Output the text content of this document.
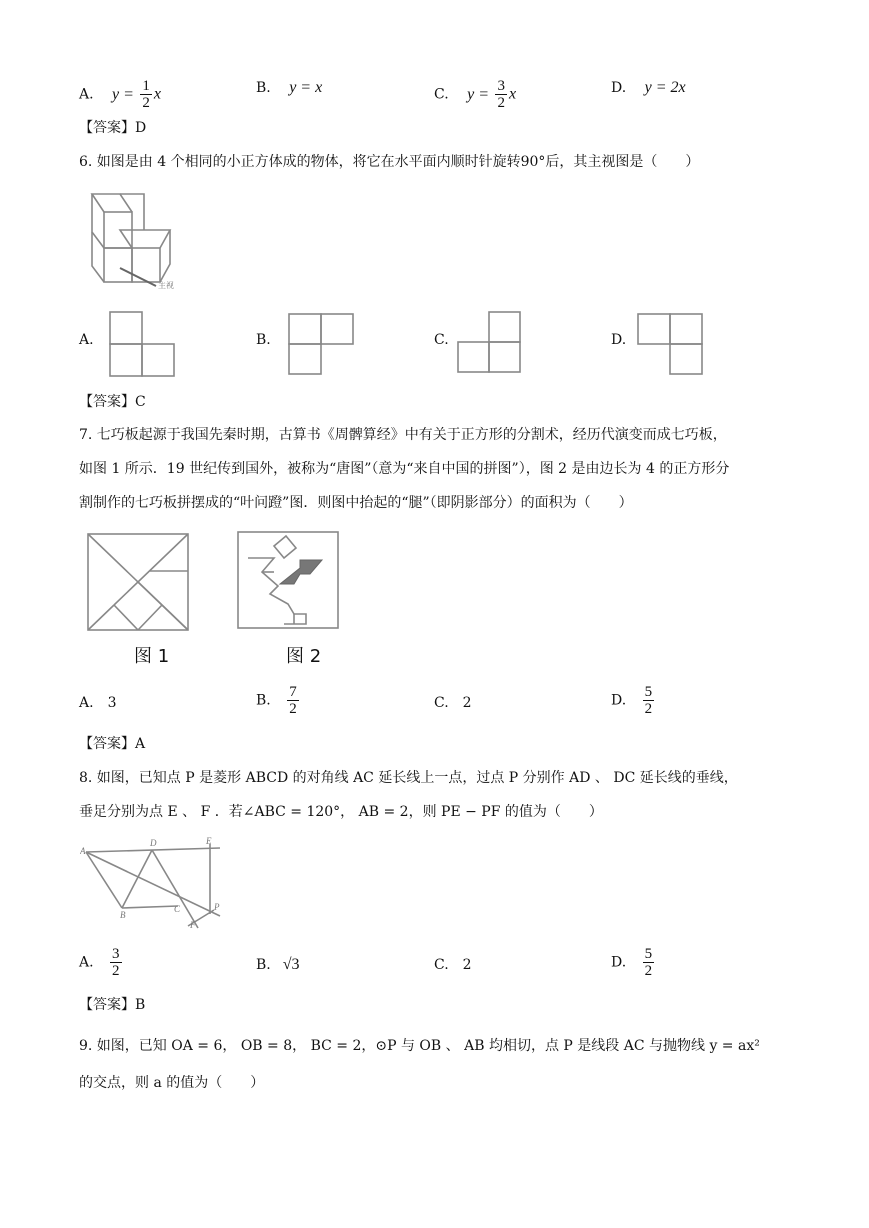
A. $y = \frac{1}{2}$ x	B. y = x	C. $y = \frac{3}{2}$ x	D. y = 2x
【答案】D
6. 如图是由 4 个相同的小正方体成的物体，将它在水平面内顺时针旋转90°后，其主视图是（　　）
主视
A.	B.	C.	D.
【答案】C
7. 七巧板起源于我国先秦时期，古算书《周髀算经》中有关于正方形的分割术，经历代演变而成七巧板，
如图 1 所示．19 世纪传到国外，被称为“唐图”（意为“来自中国的拼图”），图 2 是由边长为 4 的正方形分
割制作的七巧板拼摆成的“叶问蹬”图．则图中抬起的“腿”（即阴影部分）的面积为（　　）
图 1	图 2
A. 3	B. $\frac{7}{2}$	C. 2	D. $\frac{5}{2}$
【答案】A
8. 如图，已知点 P 是菱形 ABCD 的对角线 AC 延长线上一点，过点 P 分别作 AD 、 DC 延长线的垂线，
垂足分别为点 E 、 F ．若∠ABC = 120°， AB = 2，则 PE − PF 的值为（　　）
A
D	E
B
C
F
P
A. $\frac{3}{2}$	B. √3	C. 2	D. $\frac{5}{2}$
【答案】B
9. 如图，已知 OA = 6， OB = 8， BC = 2，⊙P 与 OB 、 AB 均相切，点 P 是线段 AC 与抛物线 y = ax²
的交点，则 a 的值为（　　）
